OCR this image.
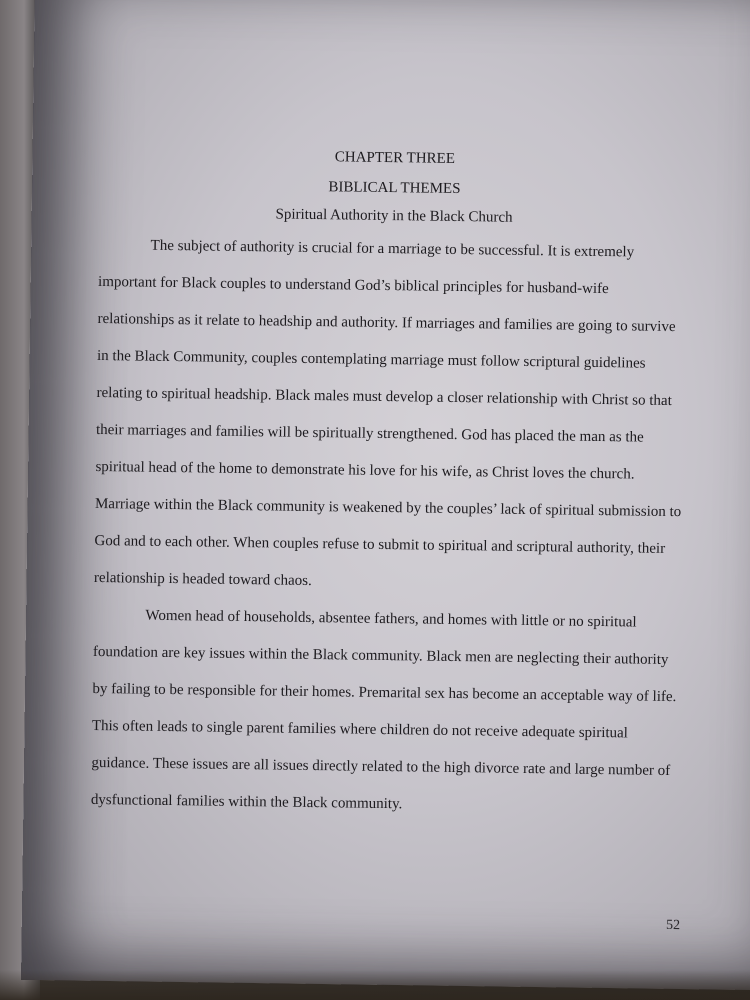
CHAPTER THREE

BIBLICAL THEMES

Spiritual Authority in the Black Church

The subject of authority is crucial for a marriage to be successful. It is extremely important for Black couples to understand God’s biblical principles for husband-wife relationships as it relate to headship and authority. If marriages and families are going to survive in the Black Community, couples contemplating marriage must follow scriptural guidelines relating to spiritual headship. Black males must develop a closer relationship with Christ so that their marriages and families will be spiritually strengthened. God has placed the man as the spiritual head of the home to demonstrate his love for his wife, as Christ loves the church. Marriage within the Black community is weakened by the couples’ lack of spiritual submission to God and to each other. When couples refuse to submit to spiritual and scriptural authority, their relationship is headed toward chaos.

Women head of households, absentee fathers, and homes with little or no spiritual foundation are key issues within the Black community. Black men are neglecting their authority by failing to be responsible for their homes. Premarital sex has become an acceptable way of life. This often leads to single parent families where children do not receive adequate spiritual guidance. These issues are all issues directly related to the high divorce rate and large number of dysfunctional families within the Black community.

52
